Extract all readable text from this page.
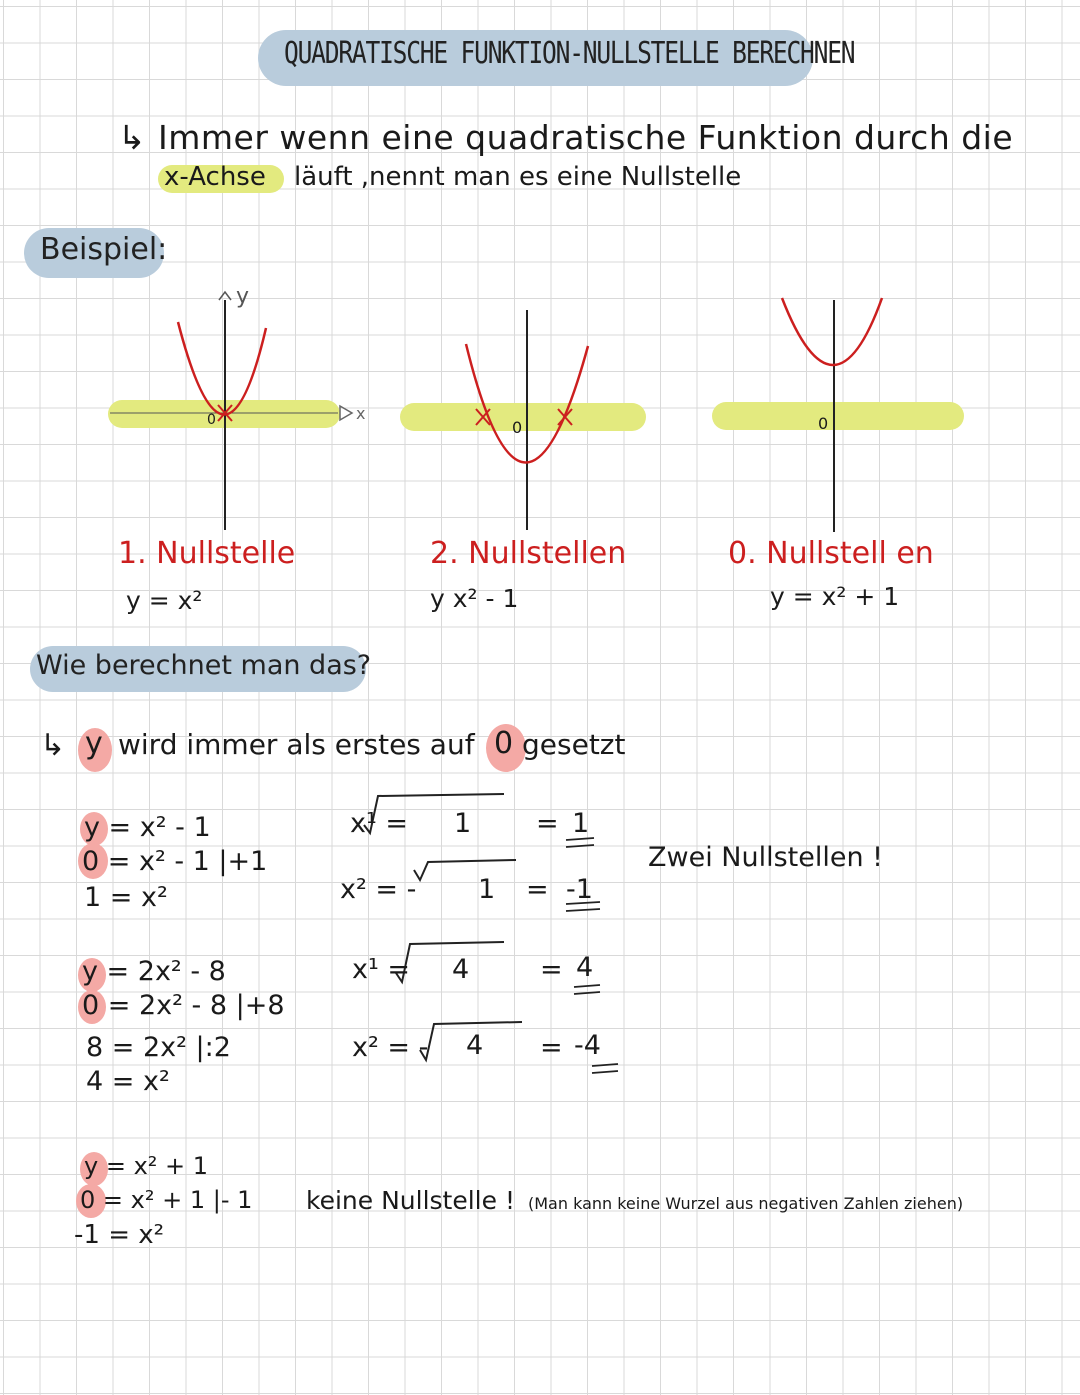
QUADRATISCHE FUNKTION-NULLSTELLE BERECHNEN
↳ Immer wenn eine quadratische Funktion durch die
x-Achse läuft ,nennt man es eine Nullstelle
Beispiel:
y
x
0	0	0
1. Nullstelle
y = x²
2. Nullstellen
y x² - 1
0. Nullstell en
y = x² + 1
Wie berechnet man das?
↳ y wird immer als erstes auf 0 gesetzt
y = x² - 1
0 = x² - 1 |+1
1 = x²
x¹ = 1 = 1
x² = - 1 = -1
Zwei Nullstellen !
y = 2x² - 8
0 = 2x² - 8 |+8
8 = 2x² |:2
4 = x²
x¹ = 4	= 4
x² = - 4 = -4
y = x² + 1
0 = x² + 1 |- 1
-1 = x²
keine Nullstelle ! (Man kann keine Wurzel aus negativen Zahlen ziehen)
